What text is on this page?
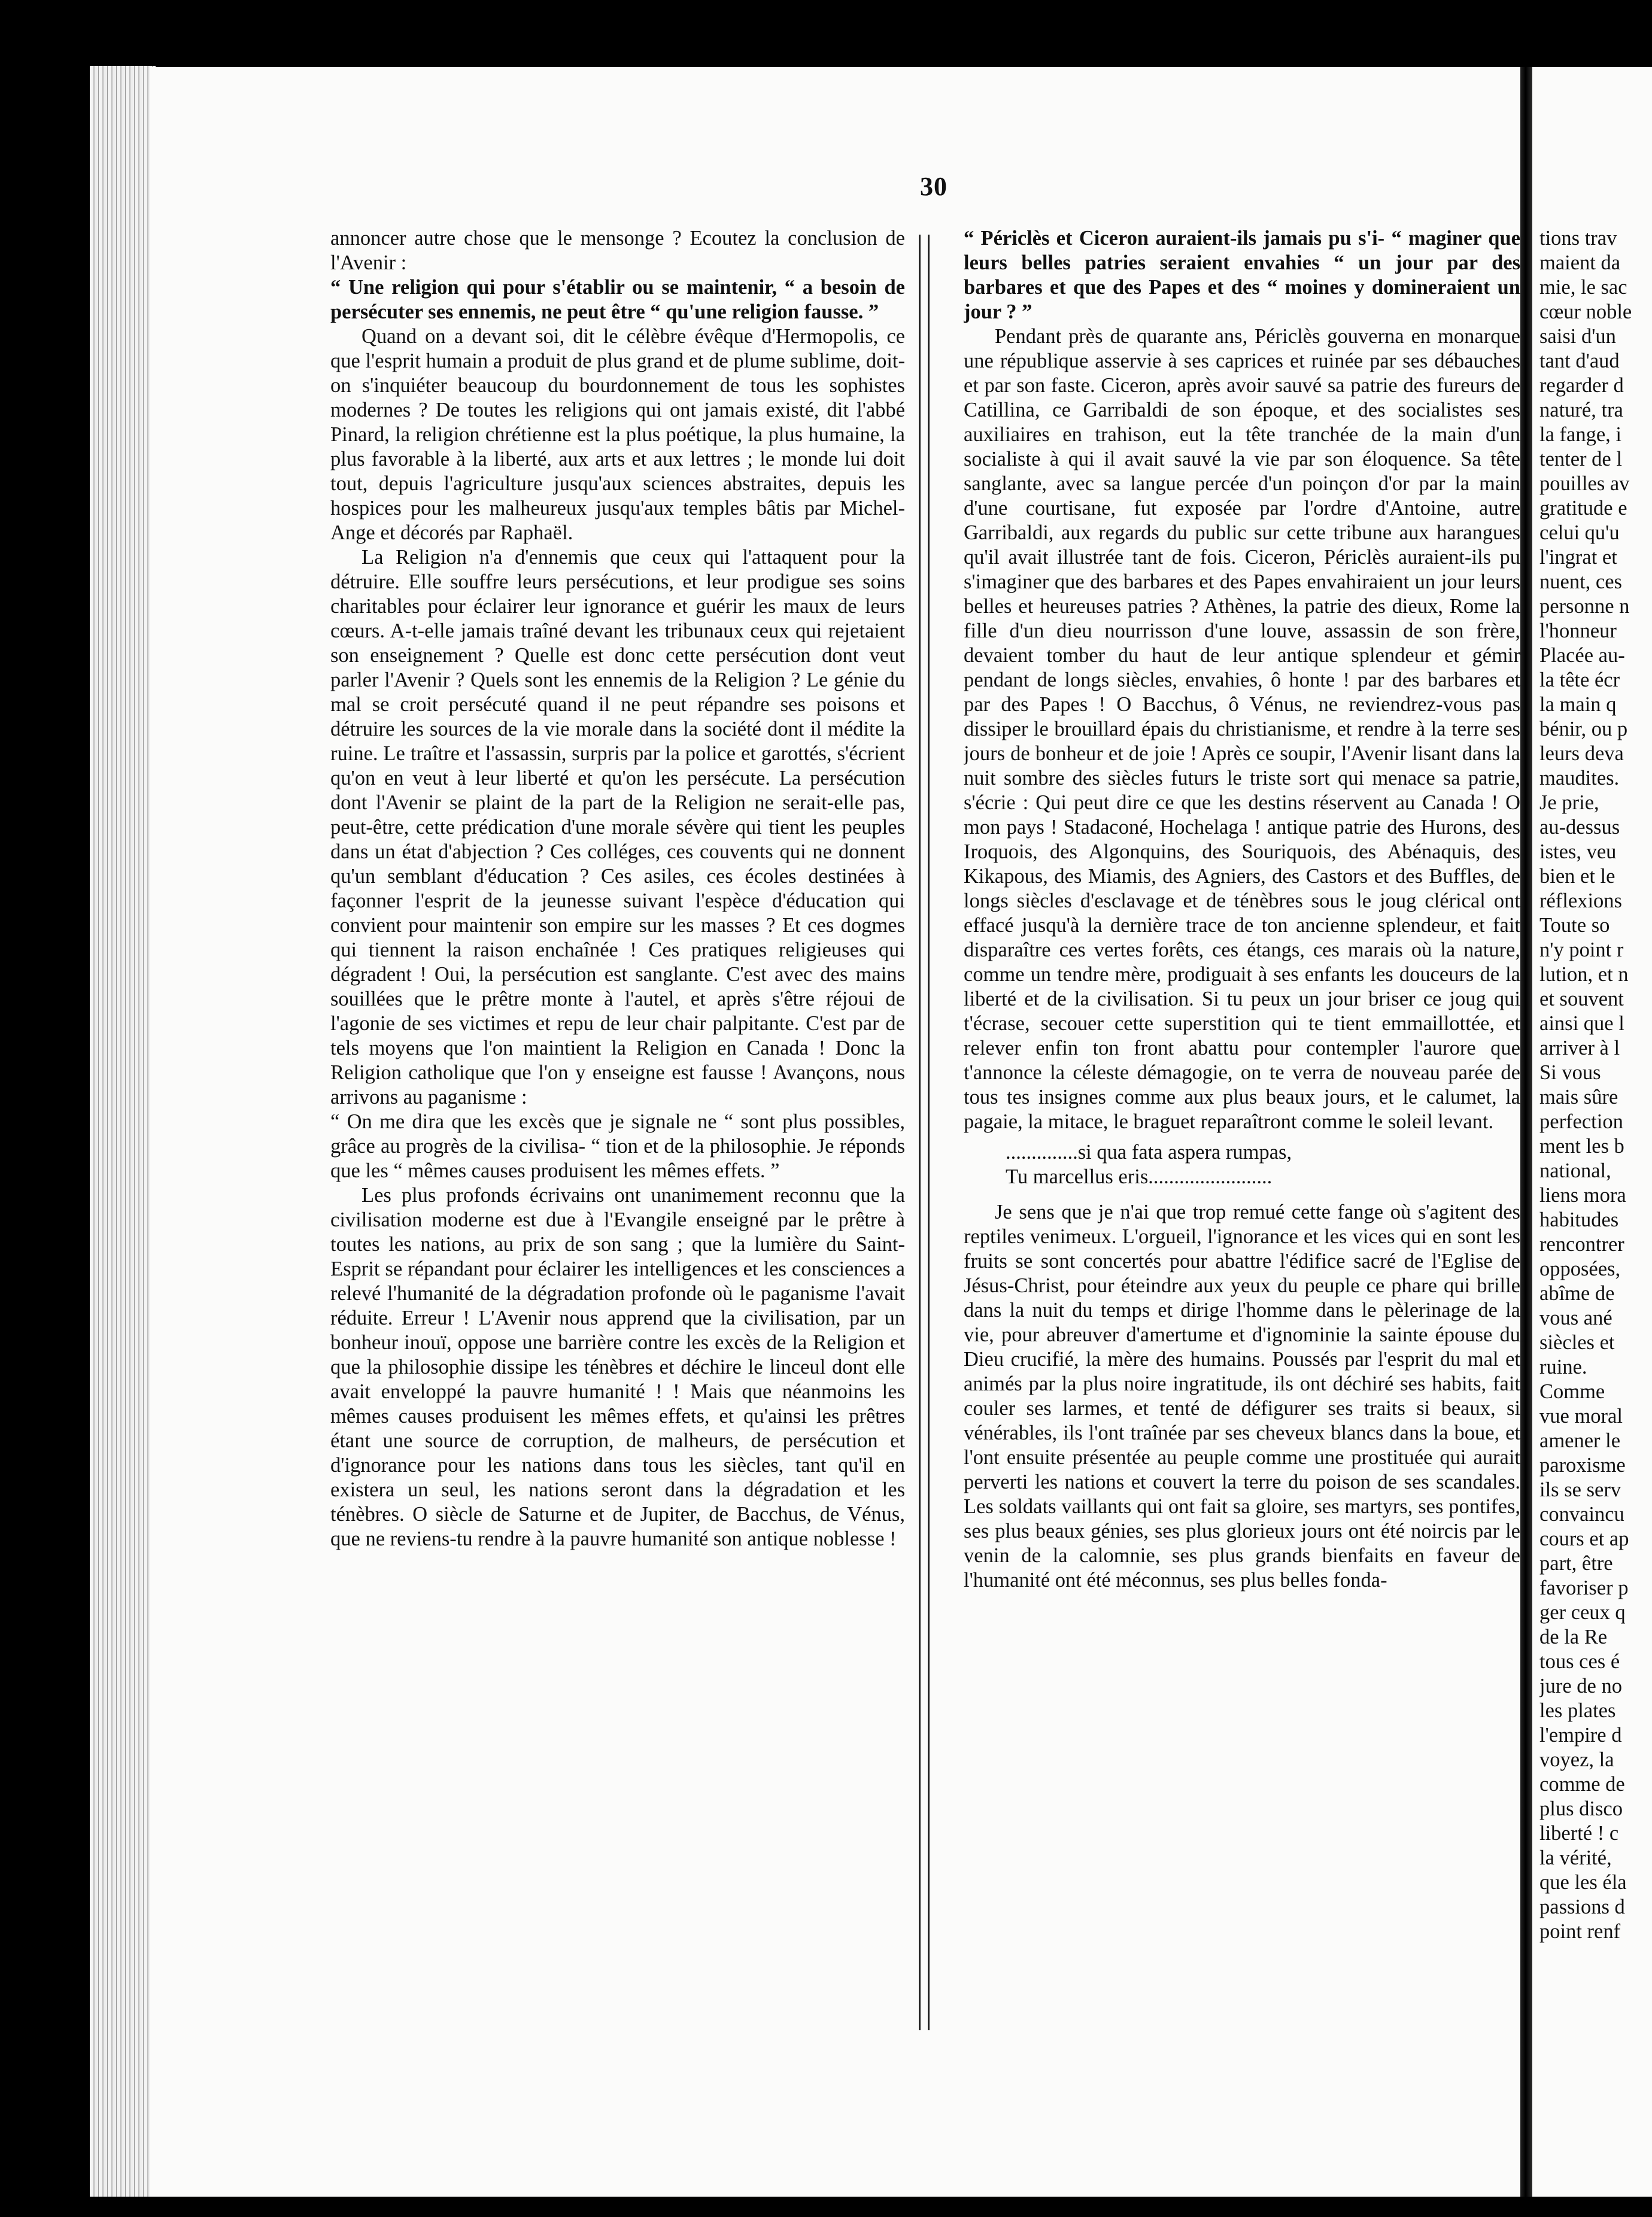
30

annoncer autre chose que le mensonge ? Ecoutez la conclusion de l'Avenir :

“ Une religion qui pour s'établir ou se maintenir, “ a besoin de persécuter ses ennemis, ne peut être “ qu'une religion fausse. ”

Quand on a devant soi, dit le célèbre évêque d'Hermopolis, ce que l'esprit humain a produit de plus grand et de plume sublime, doit-on s'inquiéter beaucoup du bourdonnement de tous les sophistes modernes ? De toutes les religions qui ont jamais existé, dit l'abbé Pinard, la religion chrétienne est la plus poétique, la plus humaine, la plus favorable à la liberté, aux arts et aux lettres ; le monde lui doit tout, depuis l'agriculture jusqu'aux sciences abstraites, depuis les hospices pour les malheureux jusqu'aux temples bâtis par Michel-Ange et décorés par Raphaël.

La Religion n'a d'ennemis que ceux qui l'attaquent pour la détruire. Elle souffre leurs persécutions, et leur prodigue ses soins charitables pour éclairer leur ignorance et guérir les maux de leurs cœurs. A-t-elle jamais traîné devant les tribunaux ceux qui rejetaient son enseignement ? Quelle est donc cette persécution dont veut parler l'Avenir ? Quels sont les ennemis de la Religion ? Le génie du mal se croit persécuté quand il ne peut répandre ses poisons et détruire les sources de la vie morale dans la société dont il médite la ruine. Le traître et l'assassin, surpris par la police et garottés, s'écrient qu'on en veut à leur liberté et qu'on les persécute. La persécution dont l'Avenir se plaint de la part de la Religion ne serait-elle pas, peut-être, cette prédication d'une morale sévère qui tient les peuples dans un état d'abjection ? Ces colléges, ces couvents qui ne donnent qu'un semblant d'éducation ? Ces asiles, ces écoles destinées à façonner l'esprit de la jeunesse suivant l'espèce d'éducation qui convient pour maintenir son empire sur les masses ? Et ces dogmes qui tiennent la raison enchaînée ! Ces pratiques religieuses qui dégradent ! Oui, la persécution est sanglante. C'est avec des mains souillées que le prêtre monte à l'autel, et après s'être réjoui de l'agonie de ses victimes et repu de leur chair palpitante. C'est par de tels moyens que l'on maintient la Religion en Canada ! Donc la Religion catholique que l'on y enseigne est fausse ! Avançons, nous arrivons au paganisme :

“ On me dira que les excès que je signale ne “ sont plus possibles, grâce au progrès de la civilisa- “ tion et de la philosophie. Je réponds que les “ mêmes causes produisent les mêmes effets. ”

Les plus profonds écrivains ont unanimement reconnu que la civilisation moderne est due à l'Evangile enseigné par le prêtre à toutes les nations, au prix de son sang ; que la lumière du Saint-Esprit se répandant pour éclairer les intelligences et les consciences a relevé l'humanité de la dégradation profonde où le paganisme l'avait réduite. Erreur ! L'Avenir nous apprend que la civilisation, par un bonheur inouï, oppose une barrière contre les excès de la Religion et que la philosophie dissipe les ténèbres et déchire le linceul dont elle avait enveloppé la pauvre humanité ! ! Mais que néanmoins les mêmes causes produisent les mêmes effets, et qu'ainsi les prêtres étant une source de corruption, de malheurs, de persécution et d'ignorance pour les nations dans tous les siècles, tant qu'il en existera un seul, les nations seront dans la dégradation et les ténèbres. O siècle de Saturne et de Jupiter, de Bacchus, de Vénus, que ne reviens-tu rendre à la pauvre humanité son antique noblesse !

“ Périclès et Ciceron auraient-ils jamais pu s'i- “ maginer que leurs belles patries seraient envahies “ un jour par des barbares et que des Papes et des “ moines y domineraient un jour ? ”

Pendant près de quarante ans, Périclès gouverna en monarque une république asservie à ses caprices et ruinée par ses débauches et par son faste. Ciceron, après avoir sauvé sa patrie des fureurs de Catillina, ce Garribaldi de son époque, et des socialistes ses auxiliaires en trahison, eut la tête tranchée de la main d'un socialiste à qui il avait sauvé la vie par son éloquence. Sa tête sanglante, avec sa langue percée d'un poinçon d'or par la main d'une courtisane, fut exposée par l'ordre d'Antoine, autre Garribaldi, aux regards du public sur cette tribune aux harangues qu'il avait illustrée tant de fois. Ciceron, Périclès auraient-ils pu s'imaginer que des barbares et des Papes envahiraient un jour leurs belles et heureuses patries ? Athènes, la patrie des dieux, Rome la fille d'un dieu nourrisson d'une louve, assassin de son frère, devaient tomber du haut de leur antique splendeur et gémir pendant de longs siècles, envahies, ô honte ! par des barbares et par des Papes ! O Bacchus, ô Vénus, ne reviendrez-vous pas dissiper le brouillard épais du christianisme, et rendre à la terre ses jours de bonheur et de joie ! Après ce soupir, l'Avenir lisant dans la nuit sombre des siècles futurs le triste sort qui menace sa patrie, s'écrie : Qui peut dire ce que les destins réservent au Canada ! O mon pays ! Stadaconé, Hochelaga ! antique patrie des Hurons, des Iroquois, des Algonquins, des Souriquois, des Abénaquis, des Kikapous, des Miamis, des Agniers, des Castors et des Buffles, de longs siècles d'esclavage et de ténèbres sous le joug clérical ont effacé jusqu'à la dernière trace de ton ancienne splendeur, et fait disparaître ces vertes forêts, ces étangs, ces marais où la nature, comme un tendre mère, prodiguait à ses enfants les douceurs de la liberté et de la civilisation. Si tu peux un jour briser ce joug qui t'écrase, secouer cette superstition qui te tient emmaillottée, et relever enfin ton front abattu pour contempler l'aurore que t'annonce la céleste démagogie, on te verra de nouveau parée de tous tes insignes comme aux plus beaux jours, et le calumet, la pagaie, la mitace, le braguet reparaîtront comme le soleil levant.

..............si qua fata aspera rumpas,
Tu marcellus eris........................

Je sens que je n'ai que trop remué cette fange où s'agitent des reptiles venimeux. L'orgueil, l'ignorance et les vices qui en sont les fruits se sont concertés pour abattre l'édifice sacré de l'Eglise de Jésus-Christ, pour éteindre aux yeux du peuple ce phare qui brille dans la nuit du temps et dirige l'homme dans le pèlerinage de la vie, pour abreuver d'amertume et d'ignominie la sainte épouse du Dieu crucifié, la mère des humains. Poussés par l'esprit du mal et animés par la plus noire ingratitude, ils ont déchiré ses habits, fait couler ses larmes, et tenté de défigurer ses traits si beaux, si vénérables, ils l'ont traînée par ses cheveux blancs dans la boue, et l'ont ensuite présentée au peuple comme une prostituée qui aurait perverti les nations et couvert la terre du poison de ses scandales. Les soldats vaillants qui ont fait sa gloire, ses martyrs, ses pontifes, ses plus beaux génies, ses plus glorieux jours ont été noircis par le venin de la calomnie, ses plus grands bienfaits en faveur de l'humanité ont été méconnus, ses plus belles fonda-

tions trav
maient da
mie, le sac
cœur noble
saisi d'un
tant d'aud
regarder d
naturé, tra
la fange, i
tenter de l
pouilles av
gratitude e
celui qu'u
l'ingrat et
nuent, ces
personne n
l'honneur
Placée au-
la tête écr
la main q
bénir, ou p
leurs deva
maudites.
Je prie,
au-dessus
istes, veu
bien et le
réflexions
Toute so
n'y point r
lution, et n
et souvent
ainsi que l
arriver à l
Si vous
mais sûre
perfection
ment les b
national,
liens mora
habitudes
rencontrer
opposées,
abîme de
vous ané
siècles et
ruine.
Comme
vue moral
amener le
paroxisme
ils se serv
convaincu
cours et ap
part, être
favoriser p
ger ceux q
de la Re
tous ces é
jure de no
les plates
l'empire d
voyez, la
comme de
plus disco
liberté ! c
la vérité,
que les éla
passions d
point renf
